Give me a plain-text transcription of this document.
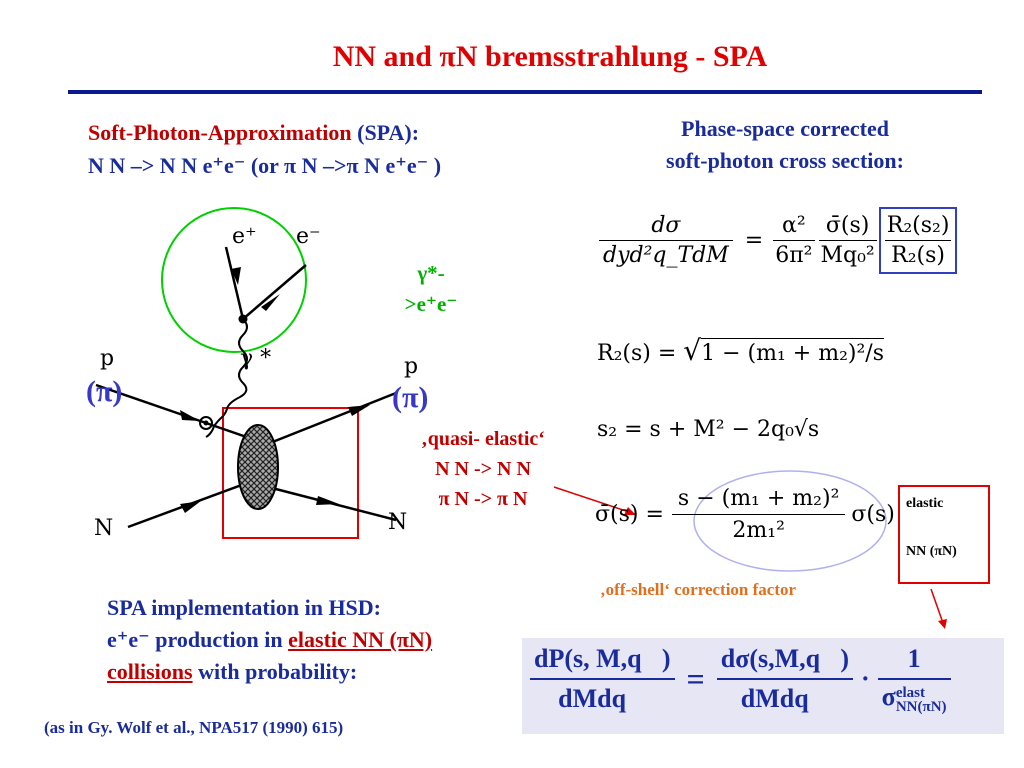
NN and πN bremsstrahlung - SPA
Soft-Photon-Approximation (SPA):
N N –> N N e⁺e⁻ (or π N –>π N e⁺e⁻ )
Phase-space corrected
soft-photon cross section:
e⁺ e⁻
γ *
p	p
(π)	(π)
N	N
γ*-
>e⁺e⁻
‚quasi- elastic‘
N N -> N N
π N -> π N
dσ
dyd²q_TdM
	=	
α²
6π²

σ̄(s)
Mq₀²

R₂(s₂)
R₂(s)
R₂(s) = √1 − (m₁ + m₂)²/s
s₂ = s + M² − 2q₀√s
σ̄(s) =	
s − (m₁ + m₂)²
2m₁²
	σ(s) elastic
NN (πN)
‚off-shell‘ correction factor
SPA implementation in HSD:
e⁺e⁻ production in elastic NN (πN)
collisions with probability:	dP(s, M,q⃗)
dMdq⃗
	=	
dσ(s,M,q⃗)
dMdq⃗
	·	
1
σ elast
NN(πN)
(as in Gy. Wolf et al., NPA517 (1990) 615)
